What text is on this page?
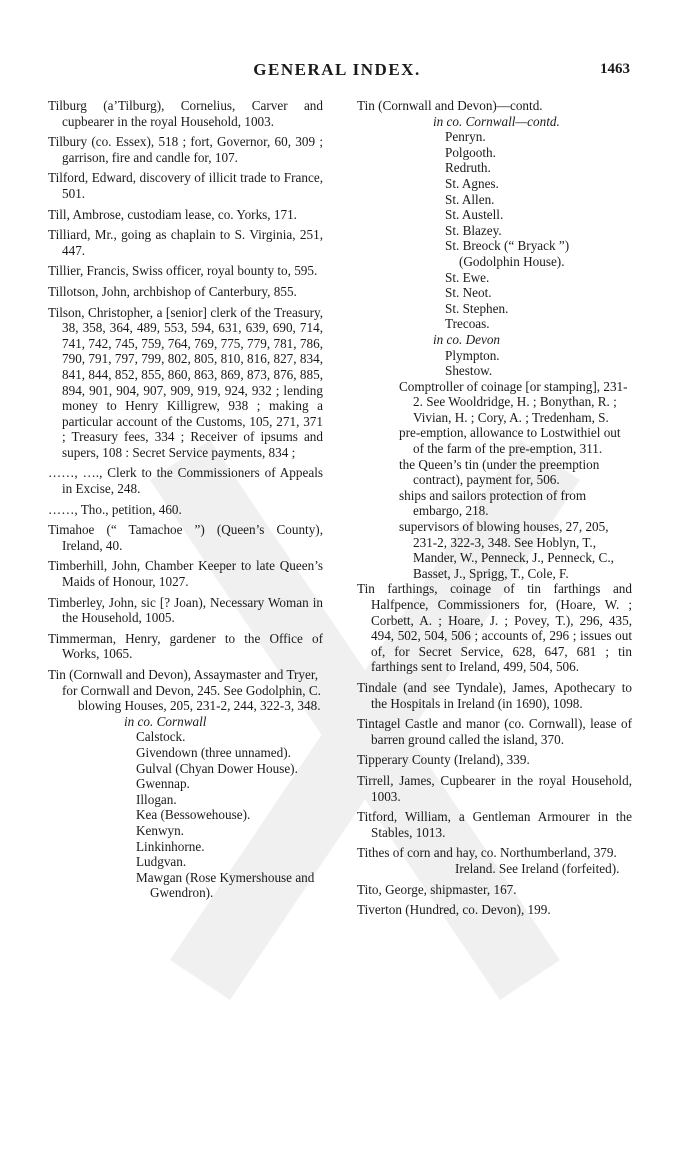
GENERAL INDEX.	1463
Tilburg (a’Tilburg), Cornelius, Carver and cupbearer in the royal Household, 1003.
Tilbury (co. Essex), 518 ; fort, Governor, 60, 309 ; garrison, fire and candle for, 107.
Tilford, Edward, discovery of illicit trade to France, 501.
Till, Ambrose, custodiam lease, co. Yorks, 171.
Tilliard, Mr., going as chaplain to S. Virginia, 251, 447.
Tillier, Francis, Swiss officer, royal bounty to, 595.
Tillotson, John, archbishop of Canterbury, 855.
Tilson, Christopher, a [senior] clerk of the Treasury, 38, 358, 364, 489, 553, 594, 631, 639, 690, 714, 741, 742, 745, 759, 764, 769, 775, 779, 781, 786, 790, 791, 797, 799, 802, 805, 810, 816, 827, 834, 841, 844, 852, 855, 860, 863, 869, 873, 876, 885, 894, 901, 904, 907, 909, 919, 924, 932 ; lending money to Henry Killigrew, 938 ; making a particular account of the Customs, 105, 271, 371 ; Treasury fees, 334 ; Receiver of ipsums and supers, 108 : Secret Service payments, 834 ;
……, …., Clerk to the Commissioners of Appeals in Excise, 248.
……, Tho., petition, 460.
Timahoe (“ Tamachoe ”) (Queen’s County), Ireland, 40.
Timberhill, John, Chamber Keeper to late Queen’s Maids of Honour, 1027.
Timberley, John, sic [? Joan), Necessary Woman in the Household, 1005.
Timmerman, Henry, gardener to the Office of Works, 1065.
Tin (Cornwall and Devon), Assaymaster and Tryer, for Cornwall and Devon, 245. See Godolphin, C.
blowing Houses, 205, 231-2, 244, 322-3, 348.
in co. Cornwall
Calstock.
Givendown (three unnamed).
Gulval (Chyan Dower House).
Gwennap.
Illogan.
Kea (Bessowehouse).
Kenwyn.
Linkinhorne.
Ludgvan.
Mawgan (Rose Kymershouse and Gwendron).
Tin (Cornwall and Devon)—contd.
in co. Cornwall—contd.
Penryn.
Polgooth.
Redruth.
St. Agnes.
St. Allen.
St. Austell.
St. Blazey.
St. Breock (“ Bryack ”) (Godolphin House).
St. Ewe.
St. Neot.
St. Stephen.
Trecoas.
in co. Devon
Plympton.
Shestow.
Comptroller of coinage [or stamping], 231-2. See Wooldridge, H. ; Bonythan, R. ; Vivian, H. ; Cory, A. ; Tredenham, S.
pre-emption, allowance to Lostwithiel out of the farm of the pre-emption, 311.
the Queen’s tin (under the preemption contract), payment for, 506.
ships and sailors protection of from embargo, 218.
supervisors of blowing houses, 27, 205, 231-2, 322-3, 348. See Hoblyn, T., Mander, W., Penneck, J., Penneck, C., Basset, J., Sprigg, T., Cole, F.
Tin farthings, coinage of tin farthings and Halfpence, Commissioners for, (Hoare, W. ; Corbett, A. ; Hoare, J. ; Povey, T.), 296, 435, 494, 502, 504, 506 ; accounts of, 296 ; issues out of, for Secret Service, 628, 647, 681 ; tin farthings sent to Ireland, 499, 504, 506.
Tindale (and see Tyndale), James, Apothecary to the Hospitals in Ireland (in 1690), 1098.
Tintagel Castle and manor (co. Cornwall), lease of barren ground called the island, 370.
Tipperary County (Ireland), 339.
Tirrell, James, Cupbearer in the royal Household, 1003.
Titford, William, a Gentleman Armourer in the Stables, 1013.
Tithes of corn and hay, co. Northumberland, 379.
Ireland. See Ireland (forfeited).
Tito, George, shipmaster, 167.
Tiverton (Hundred, co. Devon), 199.
